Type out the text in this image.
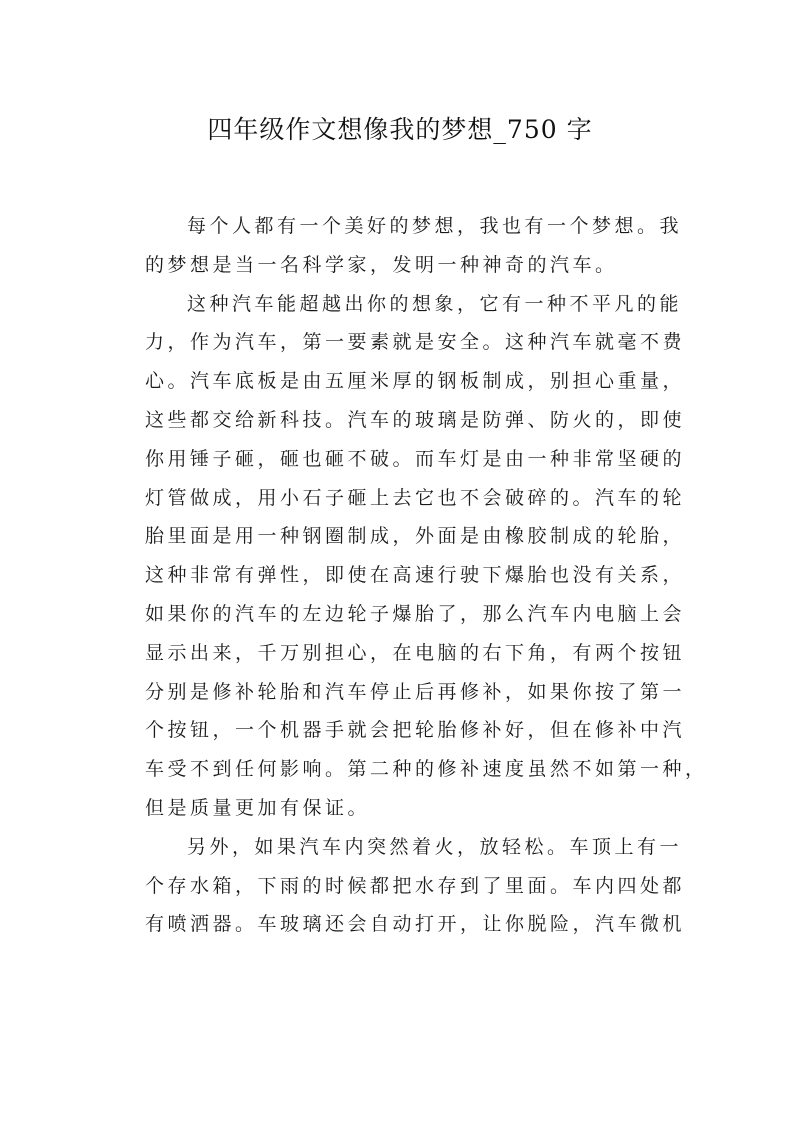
四年级作文想像我的梦想_750 字
每个人都有一个美好的梦想，我也有一个梦想。我
的梦想是当一名科学家，发明一种神奇的汽车。
这种汽车能超越出你的想象，它有一种不平凡的能
力，作为汽车，第一要素就是安全。这种汽车就毫不费
心。汽车底板是由五厘米厚的钢板制成，别担心重量，
这些都交给新科技。汽车的玻璃是防弹、防火的，即使
你用锤子砸，砸也砸不破。而车灯是由一种非常坚硬的
灯管做成，用小石子砸上去它也不会破碎的。汽车的轮
胎里面是用一种钢圈制成，外面是由橡胶制成的轮胎，
这种非常有弹性，即使在高速行驶下爆胎也没有关系，
如果你的汽车的左边轮子爆胎了，那么汽车内电脑上会
显示出来，千万别担心，在电脑的右下角，有两个按钮
分别是修补轮胎和汽车停止后再修补，如果你按了第一
个按钮，一个机器手就会把轮胎修补好，但在修补中汽
车受不到任何影响。第二种的修补速度虽然不如第一种，
但是质量更加有保证。
另外，如果汽车内突然着火，放轻松。车顶上有一
个存水箱，下雨的时候都把水存到了里面。车内四处都
有喷洒器。车玻璃还会自动打开，让你脱险，汽车微机
